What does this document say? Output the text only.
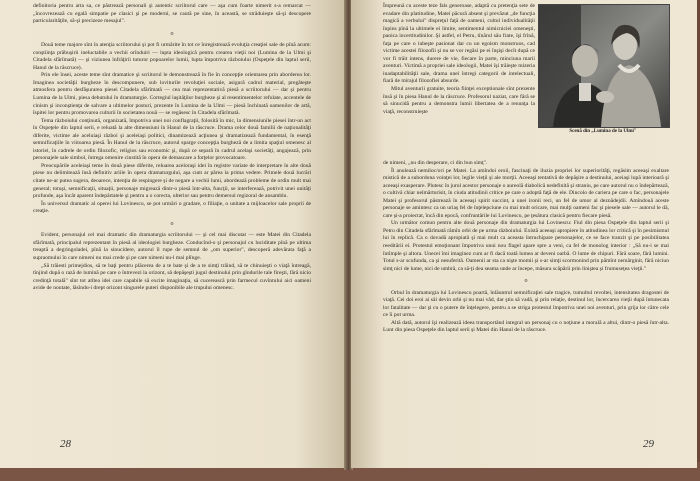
definitoria pentru arta sa, ce păstrează personali şi autentic scriitorul care — aşa cum foarte nimerit s-a remarcat — „încovrezează cu egală simpatie pe clasici şi pe moderni, se caută pe sine, în această, se străduieşte să-şi descopere particularităţile, să-şi precizeze mesajul".

o

Două teme majore sînt în atenţia scriitorului şi pot fi urmărite în tot ce înregistrează evoluţia creaţiei sale de pînă acum: conştiinţa prăbuşirii ineluctabile a vechii orînduiri — lupta ideologică pentru crearea vieţii noi (Lumina de la Ulmi şi Citadela sfărîmată) — şi viziunea înfrăţirii tuturor popoarelor lumii, lupta împotriva războiului (Ospeţele din laptul serii, Hanul de la răscruce).

Prin ele însei, aceste teme sînt dramatice şi scriitorul le demonstrează în fie în concepţie orientarea prin aborderea lor. Imaginea societăţii burgheze în descompunere, sub loviturile revoluţiei sociale, asigură cadrul material, pregăteşte atmosfera pentru desfăşurarea piesei Citadela sfărîmată — cea mai reprezentativă piesă a scriitorului — dar şi pentru Lumina de la Ulmi, piesa debutului în dramaturgie. Cortegiul laşităţilor burgheze şi al resentimentelor refulate, accentele de cinism şi inconştienţa de salvare a ultimelor posturi, prezente în Lumina de la Ulmi — piesă închinată oamenilor de artă, îspitei lor pentru promovarea culturii în societatea nouă — se regăsesc în Citadela sfărîmată.

Tema războiului conţinută, organizată, împotriva unei noi conflagraţii, folosită în mic, la dimensiunile piesei într-un act în Ospeţele din laptul serii, e reluată la alte dimensiuni în Hanul de la răscruce. Drama celor două familii de naţionalităţi diferite, victime ale aceluiaşi război şi aceleiaşi politici, dinamizează acţiunea şi dramatizează fundamental, în esenţă semnificaţiile în viitoarea piesă. În Hanul de la răscruce, autorul sparge concepţia burgheză de a limita spaţiul omenesc al istoriei, în cadrele de ordin filozofic, religios sau economic şi, după ce separă în cadrul acelaşi societăţi, angajează, prin personajele sale simbol, întrega omenire cinstită în opera de demascare a forţelor provocatoare.

Preocupările aceleiaşi teme în două piese diferite, reluarea aceloraşi idei în registre variate de interpretare în alte două piese nu delimitează însă definitiv ariile în opera dramaturgului, aşa cum ar părea la prima vedere. Primele două lucrări citate ne-ar putea sugera, deoarece, intenţia de respingere şi de negare a vechii lumi, abordează probleme de ordin mult mai general; totuşi, semnificaţii, situaţii, personaje migrează dintr-o piesă într-alta, funcţii, se interferează, potrivit unei unităţi profunde, aşa încât aparent îndepărtatele şi pentru a o corecta, ulterior sau pentru demersul regizoral de ansamblu.

În universul dramatic al operei lui Lovinescu, se pot urmări o gradare, o filiaţie, o unitate a mijloacelor sale proprii de creaţie.

o

Evident, personajul cel mai dramatic din dramaturgia scriitorului — şi cel mai discutat — este Matei din Citadela sfărîmată, principalul reprezentant în piesă al ideologiei burgheze. Conducînd-o şi personajul cu luciditate pînă pe ultima treaptă a degringoladei, pînă la sinucidere, autorul îl rupe de semnul de „om superior", descoperă adevărata faţă a supraomului în care nimeni nu mai crede şi pe care nimeni nu-l mai plînge.

„Să trăiesti primejdios, să te baţi pentru plăcerea de a te bate şi de a te simţi trăind, să te chinuieşti o viaţă întreagă, tînjind după o rază de lumină pe care o întrevezi la orizont, să depăşeşti jugul destinului prin gîndurile tale fireşti, fără nicio credinţă totală" sînt tot atîtea idei care capabile să excite imaginaţia, să cucerească prin farmecul cuvîntului aici oameni avide de noutate, lăsîndu-i drept orizont singurele puteri disponibile ale trupului omenesc.

28

Împreună cu aceste teze fals generoase, adaptă cu pretenţia sete de evadare din platitudine, Matei păcură absent şi prevăzut „de funcţia magică a verbului" dispreţul faţă de oameni, cultul individualităţii înpins pînă la ultimele ei limite, sentimentul nimicniciei omeneşti, panica incertitudinilor. Şi astfel, el Petru, tînărul său frate, îşi frînă, faţa pe care o iubeşte pasionat dar cu un egoism monstruos, cad victime acestei filozofii şi nu se vor regăsi pe ei înşişi decît după ce vor fi trăit intens, durere de vie, fiecare în parte, minciuna marii aventuri. Victimă a propriei sale ideologii, Matei îşi trăieşte mizeria inadaptabilităţii sale, drama unei întregi categorii de intelectuali, fiară de mirajul filozofiei absurde.

Mitul aventurii gratuite, teoria fiinţei exceptionale sînt prezente însă şi în piesa Hanul de la răscruce. Profesorul naziat, care fără se să sinucidă pentru a demonstra lumii libertatea de a renunţa la viaţă, reconstruieşte

de nimeni, „nu din desperare, ci din bun simţ".

Îl anulează nemiloc/ori pe Matei. La amîndoi eroii, fascinaţi de iluzia propriei lor superiorităţi, regăsim aceeaşi exaltare mistică de a subordona voinţei lor, legile vieţii şi ale morţii. Aceeaşi tentativă de depăşire a destinului, aceiaşi lupă interioară şi aceeaşi exasperare. Plutesc în jurul acestor personaje o aureolă diabolică nedefinită şi straniu, pe care autorul nu o îndepărtează, o cultivă chiar neîmărturisit, în ciuda atitudinii critice pe care o adoptă faţă de ele. Dincolo de cariera pe care o fac, personajele Matei şi profesorul păstrează în aceeaşi spirit succint, a unei ironii reci, un fel de umor al deznădejdii. Amîndouă aceste personaje se amintesc ca un uriaş fel de înţelepciune cu mai mult oricare, mai mulţi oameni fac şi piesele sale — autorul le dă, care şi-a proiectat, încă din epocă, confruntările lui Lovinescu, pe ţesătura clasică pentru fiecare piesă.

Un următor comun pentru alte două personaje din dramaturgia lui Lovinescu: Fiul din piesa Ospeţele din laptul serii şi Petru din Citadela sfărîmată rămîn orbi de pe urma războiului. Există aceeaşi apropiere în atitudinea lor critică şi în pesimismul lui în replică. Ca o dovadă apropiată şi mai mult ca aceasta întruchipare personajelor, ce se face tranzit şi pe posibilitatea reeditării ei. Protestul emoţionant împotriva unui nou flagel apare spre a veni, ca fel de monolog interior : „Să nu-i se mai întîmple şi altora. Unecei îmi imaginez cum ar fi dacă toată lumea ar deveni oarbă. O lume de chipuri. Fără soare, fără lumini. Totul s-ar scufunda, ca şi nesuferită. Oamenii ar sta ca nişte momii şi s-ar simţi scormonind prin pămînt nemărginit, fără niciun simţ nici de lume, nici de umbră, ca să-ţi dea seama unde ar începe, măsura scăpării prin liniştea şi frumuseţea vieţii."

o

Orbul în dramaturgia lui Lovinescu poartă, înlăuntrul semnificaţiei sale tragice, tumultul revoltei, intensitatea dragostei de viaţă. Cei doi eroi ai săi devin orbi şi nu mai văd, dar ştiu să vadă, şi prin relaţie, destinul lor, încercarea vieţii după întunecata lor fatalitate — dar şi cu o putere de înţelegere, pentru a se striga protestul împotriva unei noi aventuri, prin grija lor către cele ce îi pot urma.

Altă dată, autorul îşi realizează ideea transportând integral un personaj cu o noţiune a morală a altui, dintr-o piesă într-alta. Lunt din piesa Ospeţele din laptul serii şi Matei din Hanul de la răscruce.

29
Scenă din „Lumina de la Ulmi"
